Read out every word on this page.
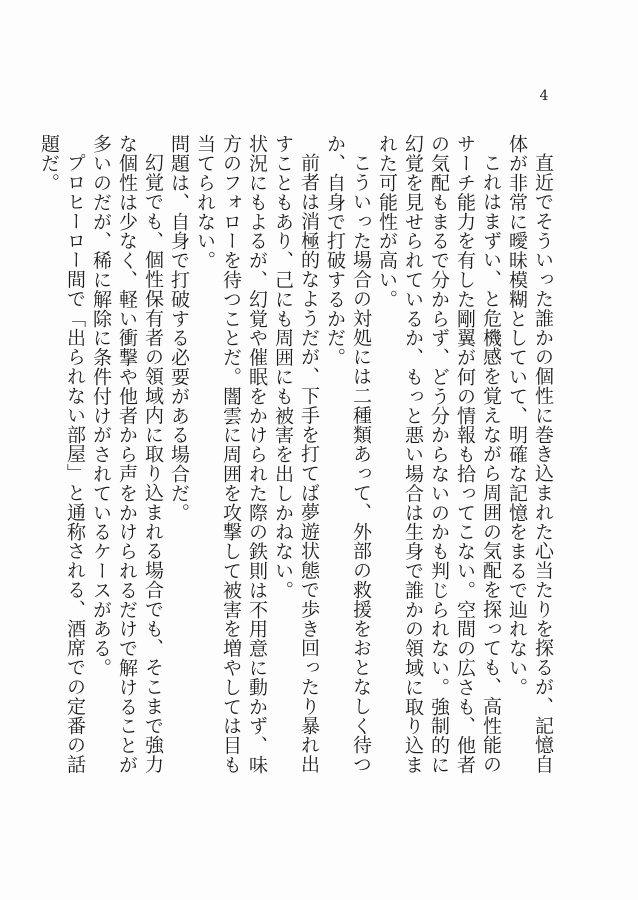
4

直近でそういった誰かの個性に巻き込まれた心当たりを探るが、記憶自体が非常に曖昧模糊としていて、明確な記憶をまるで辿れない。

これはまずい、と危機感を覚えながら周囲の気配を探っても、高性能のサーチ能力を有した剛翼が何の情報も拾ってこない。空間の広さも、他者の気配もまるで分からず、どう分からないのかも判じられない。強制的に幻覚を見せられているか、もっと悪い場合は生身で誰かの領域に取り込まれた可能性が高い。

こういった場合の対処には二種類あって、外部の救援をおとなしく待つか、自身で打破するかだ。

前者は消極的なようだが、下手を打てば夢遊状態で歩き回ったり暴れ出すこともあり、己にも周囲にも被害を出しかねない。

状況にもよるが、幻覚や催眠をかけられた際の鉄則は不用意に動かず、味方のフォローを待つことだ。闇雲に周囲を攻撃して被害を増やしては目も当てられない。

問題は、自身で打破する必要がある場合だ。

幻覚でも、個性保有者の領域内に取り込まれる場合でも、そこまで強力な個性は少なく、軽い衝撃や他者から声をかけられるだけで解けることが多いのだが、稀に解除に条件付けがされているケースがある。

プロヒーロー間で「出られない部屋」と通称される、酒席での定番の話題だ。
